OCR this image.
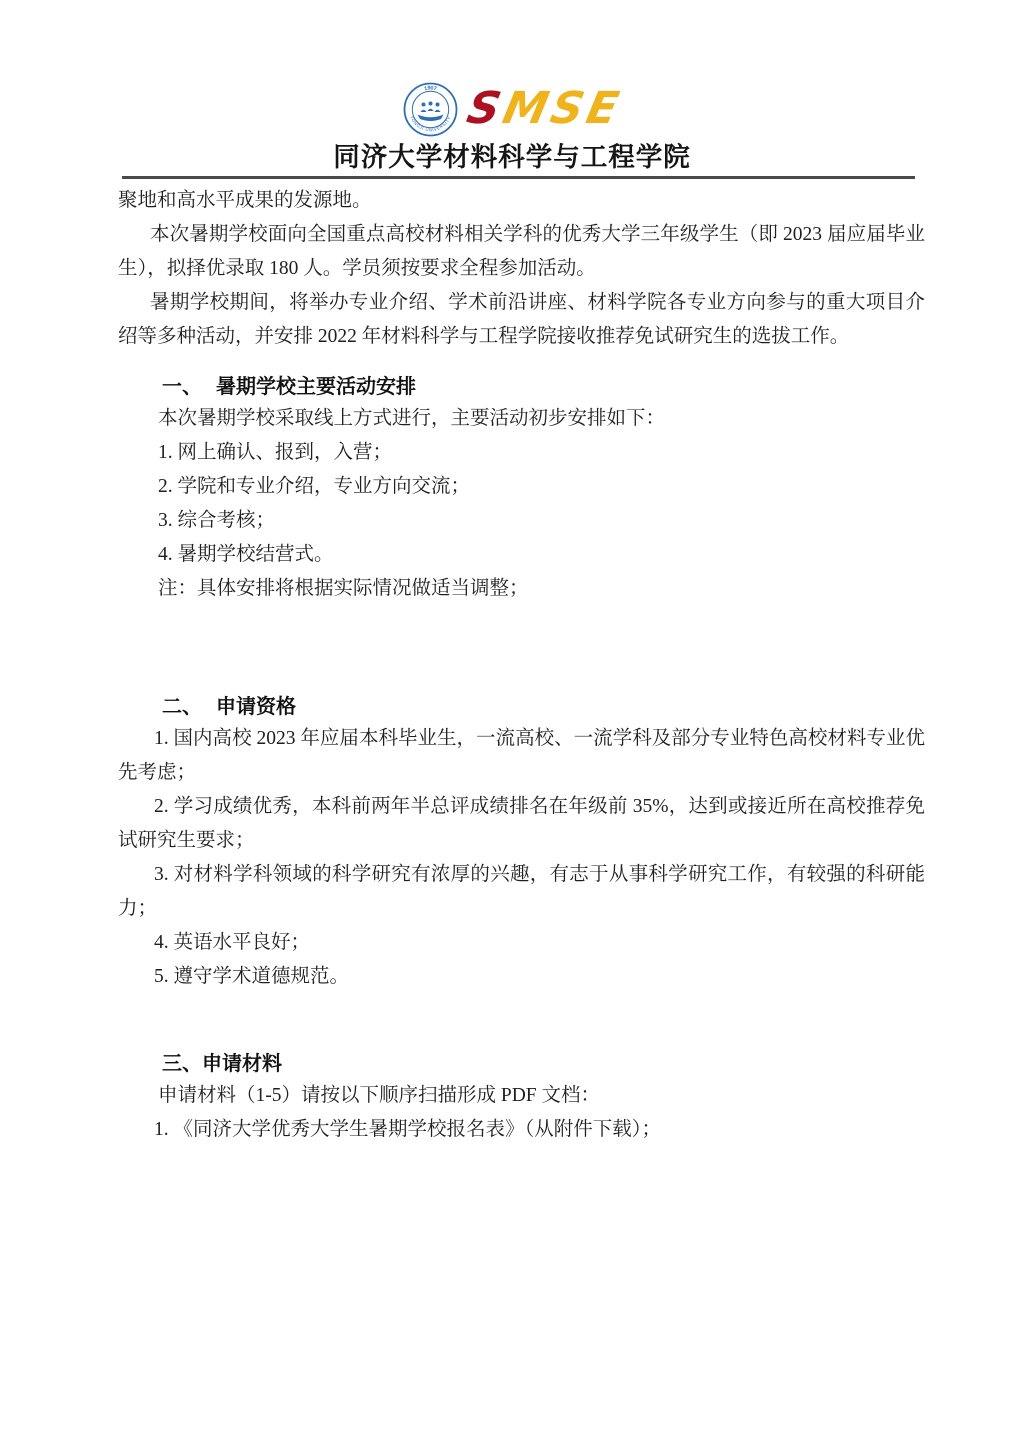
1907
TONGJI UNIVERSITY SMSE
同济大学材料科学与工程学院

聚地和高水平成果的发源地。

本次暑期学校面向全国重点高校材料相关学科的优秀大学三年级学生（即 2023 届应届毕业生），拟择优录取 180 人。学员须按要求全程参加活动。

暑期学校期间，将举办专业介绍、学术前沿讲座、材料学院各专业方向参与的重大项目介绍等多种活动，并安排 2022 年材料科学与工程学院接收推荐免试研究生的选拔工作。

一、 暑期学校主要活动安排

本次暑期学校采取线上方式进行，主要活动初步安排如下：

1. 网上确认、报到，入营；

2. 学院和专业介绍，专业方向交流；

3. 综合考核；

4. 暑期学校结营式。

注：具体安排将根据实际情况做适当调整；

二、 申请资格

1. 国内高校 2023 年应届本科毕业生，一流高校、一流学科及部分专业特色高校材料专业优先考虑；

2. 学习成绩优秀，本科前两年半总评成绩排名在年级前 35%，达到或接近所在高校推荐免试研究生要求；

3. 对材料学科领域的科学研究有浓厚的兴趣，有志于从事科学研究工作，有较强的科研能力；

4. 英语水平良好；

5. 遵守学术道德规范。

三、申请材料

申请材料（1-5）请按以下顺序扫描形成 PDF 文档：

1. 《同济大学优秀大学生暑期学校报名表》（从附件下载）；
